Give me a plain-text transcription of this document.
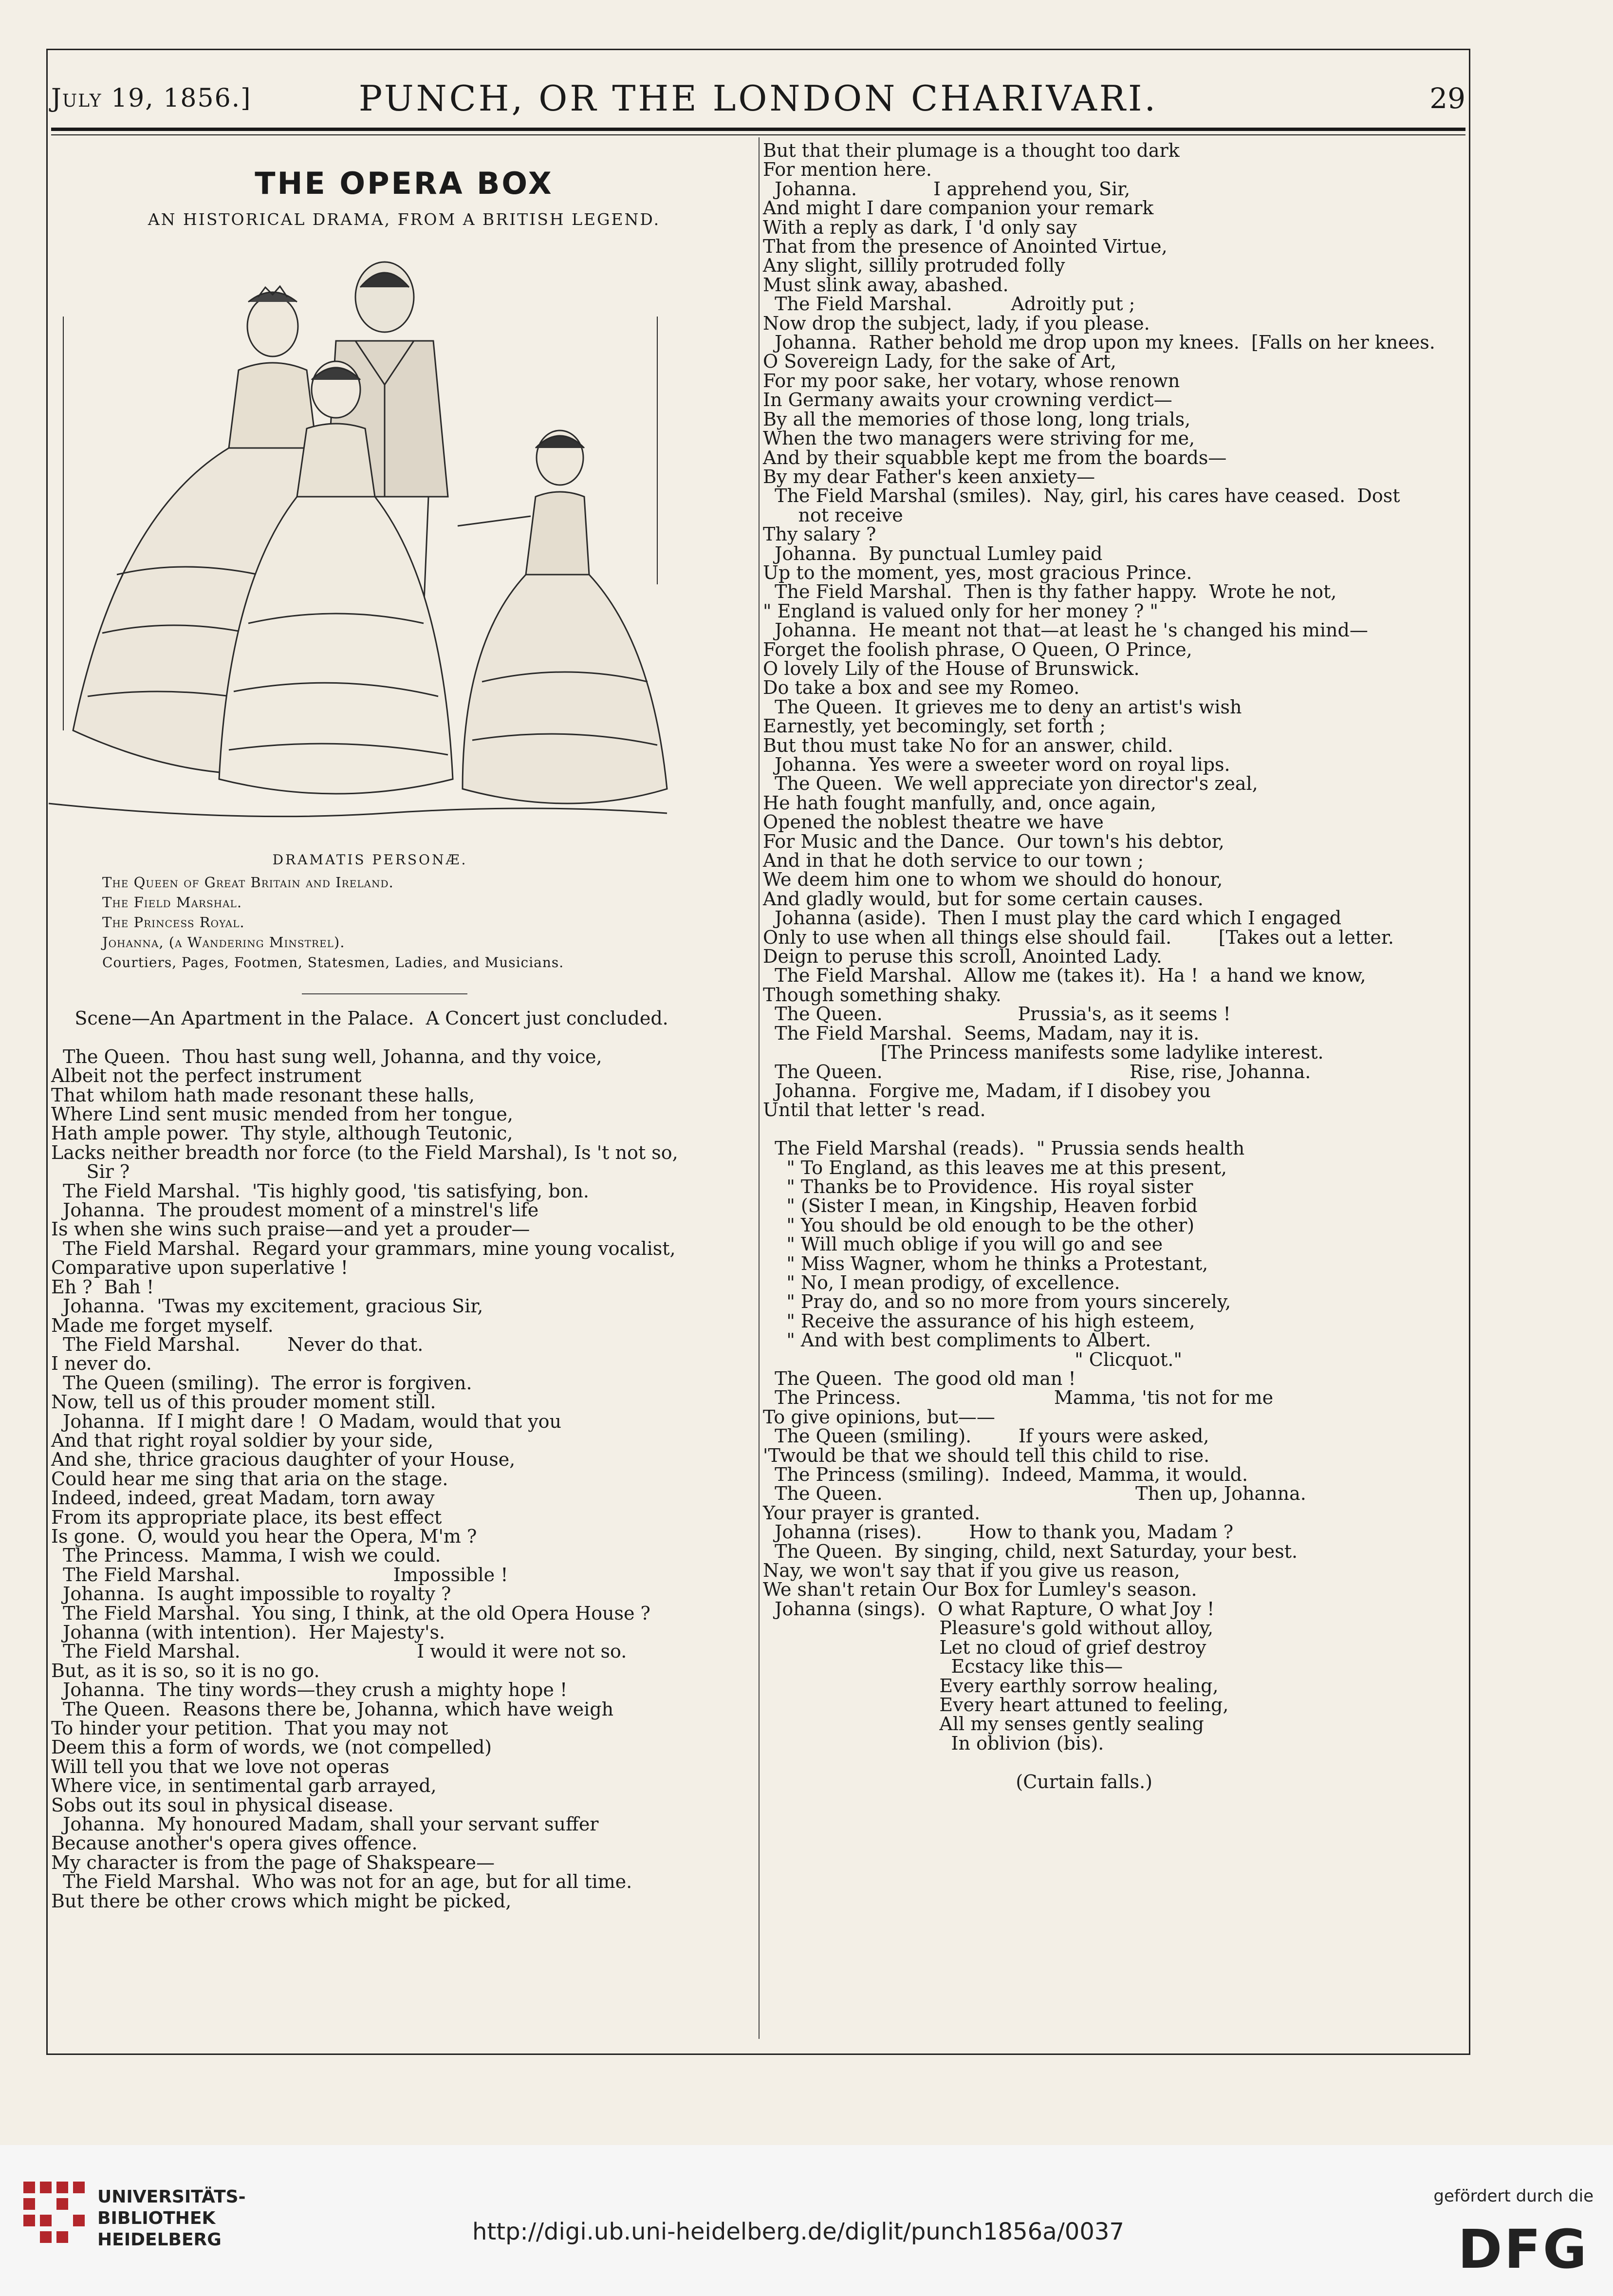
July 19, 1856.]	PUNCH, OR THE LONDON CHARIVARI.	29
THE OPERA BOX
AN HISTORICAL DRAMA, FROM A BRITISH LEGEND.
DRAMATIS PERSONÆ.
The Queen of Great Britain and Ireland.
The Field Marshal.
The Princess Royal.
Johanna, (a Wandering Minstrel).
Courtiers, Pages, Footmen, Statesmen, Ladies, and Musicians.
Scene—An Apartment in the Palace.  A Concert just concluded.

The Queen.  Thou hast sung well, Johanna, and thy voice,
Albeit not the perfect instrument
That whilom hath made resonant these halls,
Where Lind sent music mended from her tongue,
Hath ample power.  Thy style, although Teutonic,
Lacks neither breadth nor force (to the Field Marshal), Is 't not so,
Sir ?
The Field Marshal.  'Tis highly good, 'tis satisfying, bon.
Johanna.  The proudest moment of a minstrel's life
Is when she wins such praise—and yet a prouder—
The Field Marshal.  Regard your grammars, mine young vocalist,
Comparative upon superlative !
Eh ?  Bah !
Johanna.  'Twas my excitement, gracious Sir,
Made me forget myself.
The Field Marshal.        Never do that.
I never do.
The Queen (smiling).  The error is forgiven.
Now, tell us of this prouder moment still.
Johanna.  If I might dare !  O Madam, would that you
And that right royal soldier by your side,
And she, thrice gracious daughter of your House,
Could hear me sing that aria on the stage.
Indeed, indeed, great Madam, torn away
From its appropriate place, its best effect
Is gone.  O, would you hear the Opera, M'm ?
The Princess.  Mamma, I wish we could.
The Field Marshal.                          Impossible !
Johanna.  Is aught impossible to royalty ?
The Field Marshal.  You sing, I think, at the old Opera House ?
Johanna (with intention).  Her Majesty's.
The Field Marshal.                              I would it were not so.
But, as it is so, so it is no go.
Johanna.  The tiny words—they crush a mighty hope !
The Queen.  Reasons there be, Johanna, which have weigh
To hinder your petition.  That you may not
Deem this a form of words, we (not compelled)
Will tell you that we love not operas
Where vice, in sentimental garb arrayed,
Sobs out its soul in physical disease.
Johanna.  My honoured Madam, shall your servant suffer
Because another's opera gives offence.
My character is from the page of Shakspeare—
The Field Marshal.  Who was not for an age, but for all time.
But there be other crows which might be picked,
But that their plumage is a thought too dark
For mention here.
Johanna.             I apprehend you, Sir,
And might I dare companion your remark
With a reply as dark, I 'd only say
That from the presence of Anointed Virtue,
Any slight, sillily protruded folly
Must slink away, abashed.
The Field Marshal.          Adroitly put ;
Now drop the subject, lady, if you please.
Johanna.  Rather behold me drop upon my knees.  [Falls on her knees.
O Sovereign Lady, for the sake of Art,
For my poor sake, her votary, whose renown
In Germany awaits your crowning verdict—
By all the memories of those long, long trials,
When the two managers were striving for me,
And by their squabble kept me from the boards—
By my dear Father's keen anxiety—
The Field Marshal (smiles).  Nay, girl, his cares have ceased.  Dost
not receive
Thy salary ?
Johanna.  By punctual Lumley paid
Up to the moment, yes, most gracious Prince.
The Field Marshal.  Then is thy father happy.  Wrote he not,
" England is valued only for her money ? "
Johanna.  He meant not that—at least he 's changed his mind—
Forget the foolish phrase, O Queen, O Prince,
O lovely Lily of the House of Brunswick.
Do take a box and see my Romeo.
The Queen.  It grieves me to deny an artist's wish
Earnestly, yet becomingly, set forth ;
But thou must take No for an answer, child.
Johanna.  Yes were a sweeter word on royal lips.
The Queen.  We well appreciate yon director's zeal,
He hath fought manfully, and, once again,
Opened the noblest theatre we have
For Music and the Dance.  Our town's his debtor,
And in that he doth service to our town ;
We deem him one to whom we should do honour,
And gladly would, but for some certain causes.
Johanna (aside).  Then I must play the card which I engaged
Only to use when all things else should fail.        [Takes out a letter.
Deign to peruse this scroll, Anointed Lady.
The Field Marshal.  Allow me (takes it).  Ha !  a hand we know,
Though something shaky.
The Queen.                       Prussia's, as it seems !
The Field Marshal.  Seems, Madam, nay it is.
[The Princess manifests some ladylike interest.
The Queen.                                          Rise, rise, Johanna.
Johanna.  Forgive me, Madam, if I disobey you
Until that letter 's read.

The Field Marshal (reads).  " Prussia sends health
" To England, as this leaves me at this present,
" Thanks be to Providence.  His royal sister
" (Sister I mean, in Kingship, Heaven forbid
" You should be old enough to be the other)
" Will much oblige if you will go and see
" Miss Wagner, whom he thinks a Protestant,
" No, I mean prodigy, of excellence.
" Pray do, and so no more from yours sincerely,
" Receive the assurance of his high esteem,
" And with best compliments to Albert.
" Clicquot."
The Queen.  The good old man !
The Princess.                          Mamma, 'tis not for me
To give opinions, but——
The Queen (smiling).        If yours were asked,
'Twould be that we should tell this child to rise.
The Princess (smiling).  Indeed, Mamma, it would.
The Queen.                                           Then up, Johanna.
Your prayer is granted.
Johanna (rises).        How to thank you, Madam ?
The Queen.  By singing, child, next Saturday, your best.
Nay, we won't say that if you give us reason,
We shan't retain Our Box for Lumley's season.
Johanna (sings).  O what Rapture, O what Joy !
Pleasure's gold without alloy,
Let no cloud of grief destroy
Ecstacy like this—
Every earthly sorrow healing,
Every heart attuned to feeling,
All my senses gently sealing
In oblivion (bis).

(Curtain falls.)
UNIVERSITÄTS-
BIBLIOTHEK
HEIDELBERG	http://digi.ub.uni-heidelberg.de/diglit/punch1856a/0037
gefördert durch die
DFG
